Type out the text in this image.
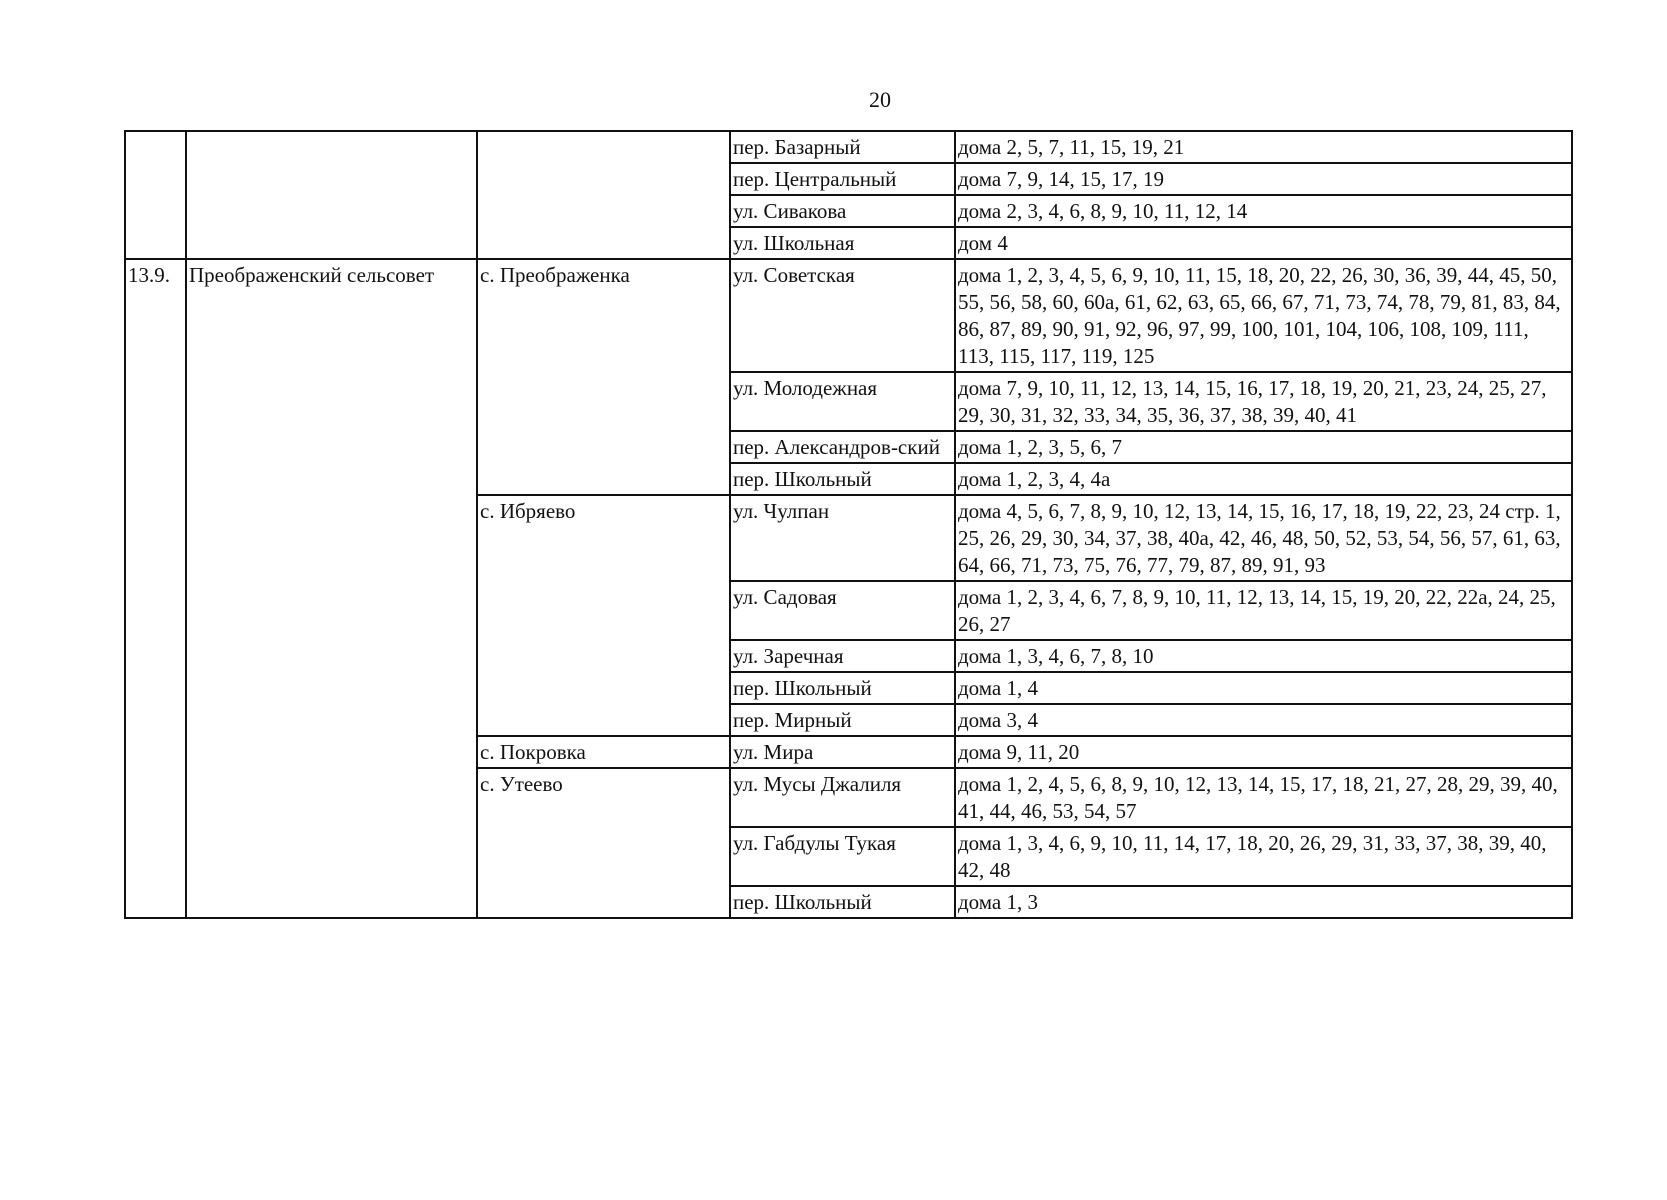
20
			пер. Базарный	дома 2, 5, 7, 11, 15, 19, 21
			пер. Центральный	дома 7, 9, 14, 15, 17, 19
			ул. Сивакова	дома 2, 3, 4, 6, 8, 9, 10, 11, 12, 14
			ул. Школьная	дом 4
13.9.	Преображенский сельсовет	с. Преображенка	ул. Советская	дома 1, 2, 3, 4, 5, 6, 9, 10, 11, 15, 18, 20, 22, 26, 30, 36, 39, 44, 45, 50, 55, 56, 58, 60, 60а, 61, 62, 63, 65, 66, 67, 71, 73, 74, 78, 79, 81, 83, 84, 86, 87, 89, 90, 91, 92, 96, 97, 99, 100, 101, 104, 106, 108, 109, 111, 113, 115, 117, 119, 125
			ул. Молодежная	дома 7, 9, 10, 11, 12, 13, 14, 15, 16, 17, 18, 19, 20, 21, 23, 24, 25, 27, 29, 30, 31, 32, 33, 34, 35, 36, 37, 38, 39, 40, 41
			пер. Александров-ский	дома 1, 2, 3, 5, 6, 7
			пер. Школьный	дома 1, 2, 3, 4, 4а
		с. Ибряево	ул. Чулпан	дома 4, 5, 6, 7, 8, 9, 10, 12, 13, 14, 15, 16, 17, 18, 19, 22, 23, 24 стр. 1, 25, 26, 29, 30, 34, 37, 38, 40а, 42, 46, 48, 50, 52, 53, 54, 56, 57, 61, 63, 64, 66, 71, 73, 75, 76, 77, 79, 87, 89, 91, 93
			ул. Садовая	дома 1, 2, 3, 4, 6, 7, 8, 9, 10, 11, 12, 13, 14, 15, 19, 20, 22, 22а, 24, 25, 26, 27
			ул. Заречная	дома 1, 3, 4, 6, 7, 8, 10
			пер. Школьный	дома 1, 4
			пер. Мирный	дома 3, 4
		с. Покровка	ул. Мира	дома 9, 11, 20
		с. Утеево	ул. Мусы Джалиля	дома 1, 2, 4, 5, 6, 8, 9, 10, 12, 13, 14, 15, 17, 18, 21, 27, 28, 29, 39, 40, 41, 44, 46, 53, 54, 57
			ул. Габдулы Тукая	дома 1, 3, 4, 6, 9, 10, 11, 14, 17, 18, 20, 26, 29, 31, 33, 37, 38, 39, 40, 42, 48
			пер. Школьный	дома 1, 3
